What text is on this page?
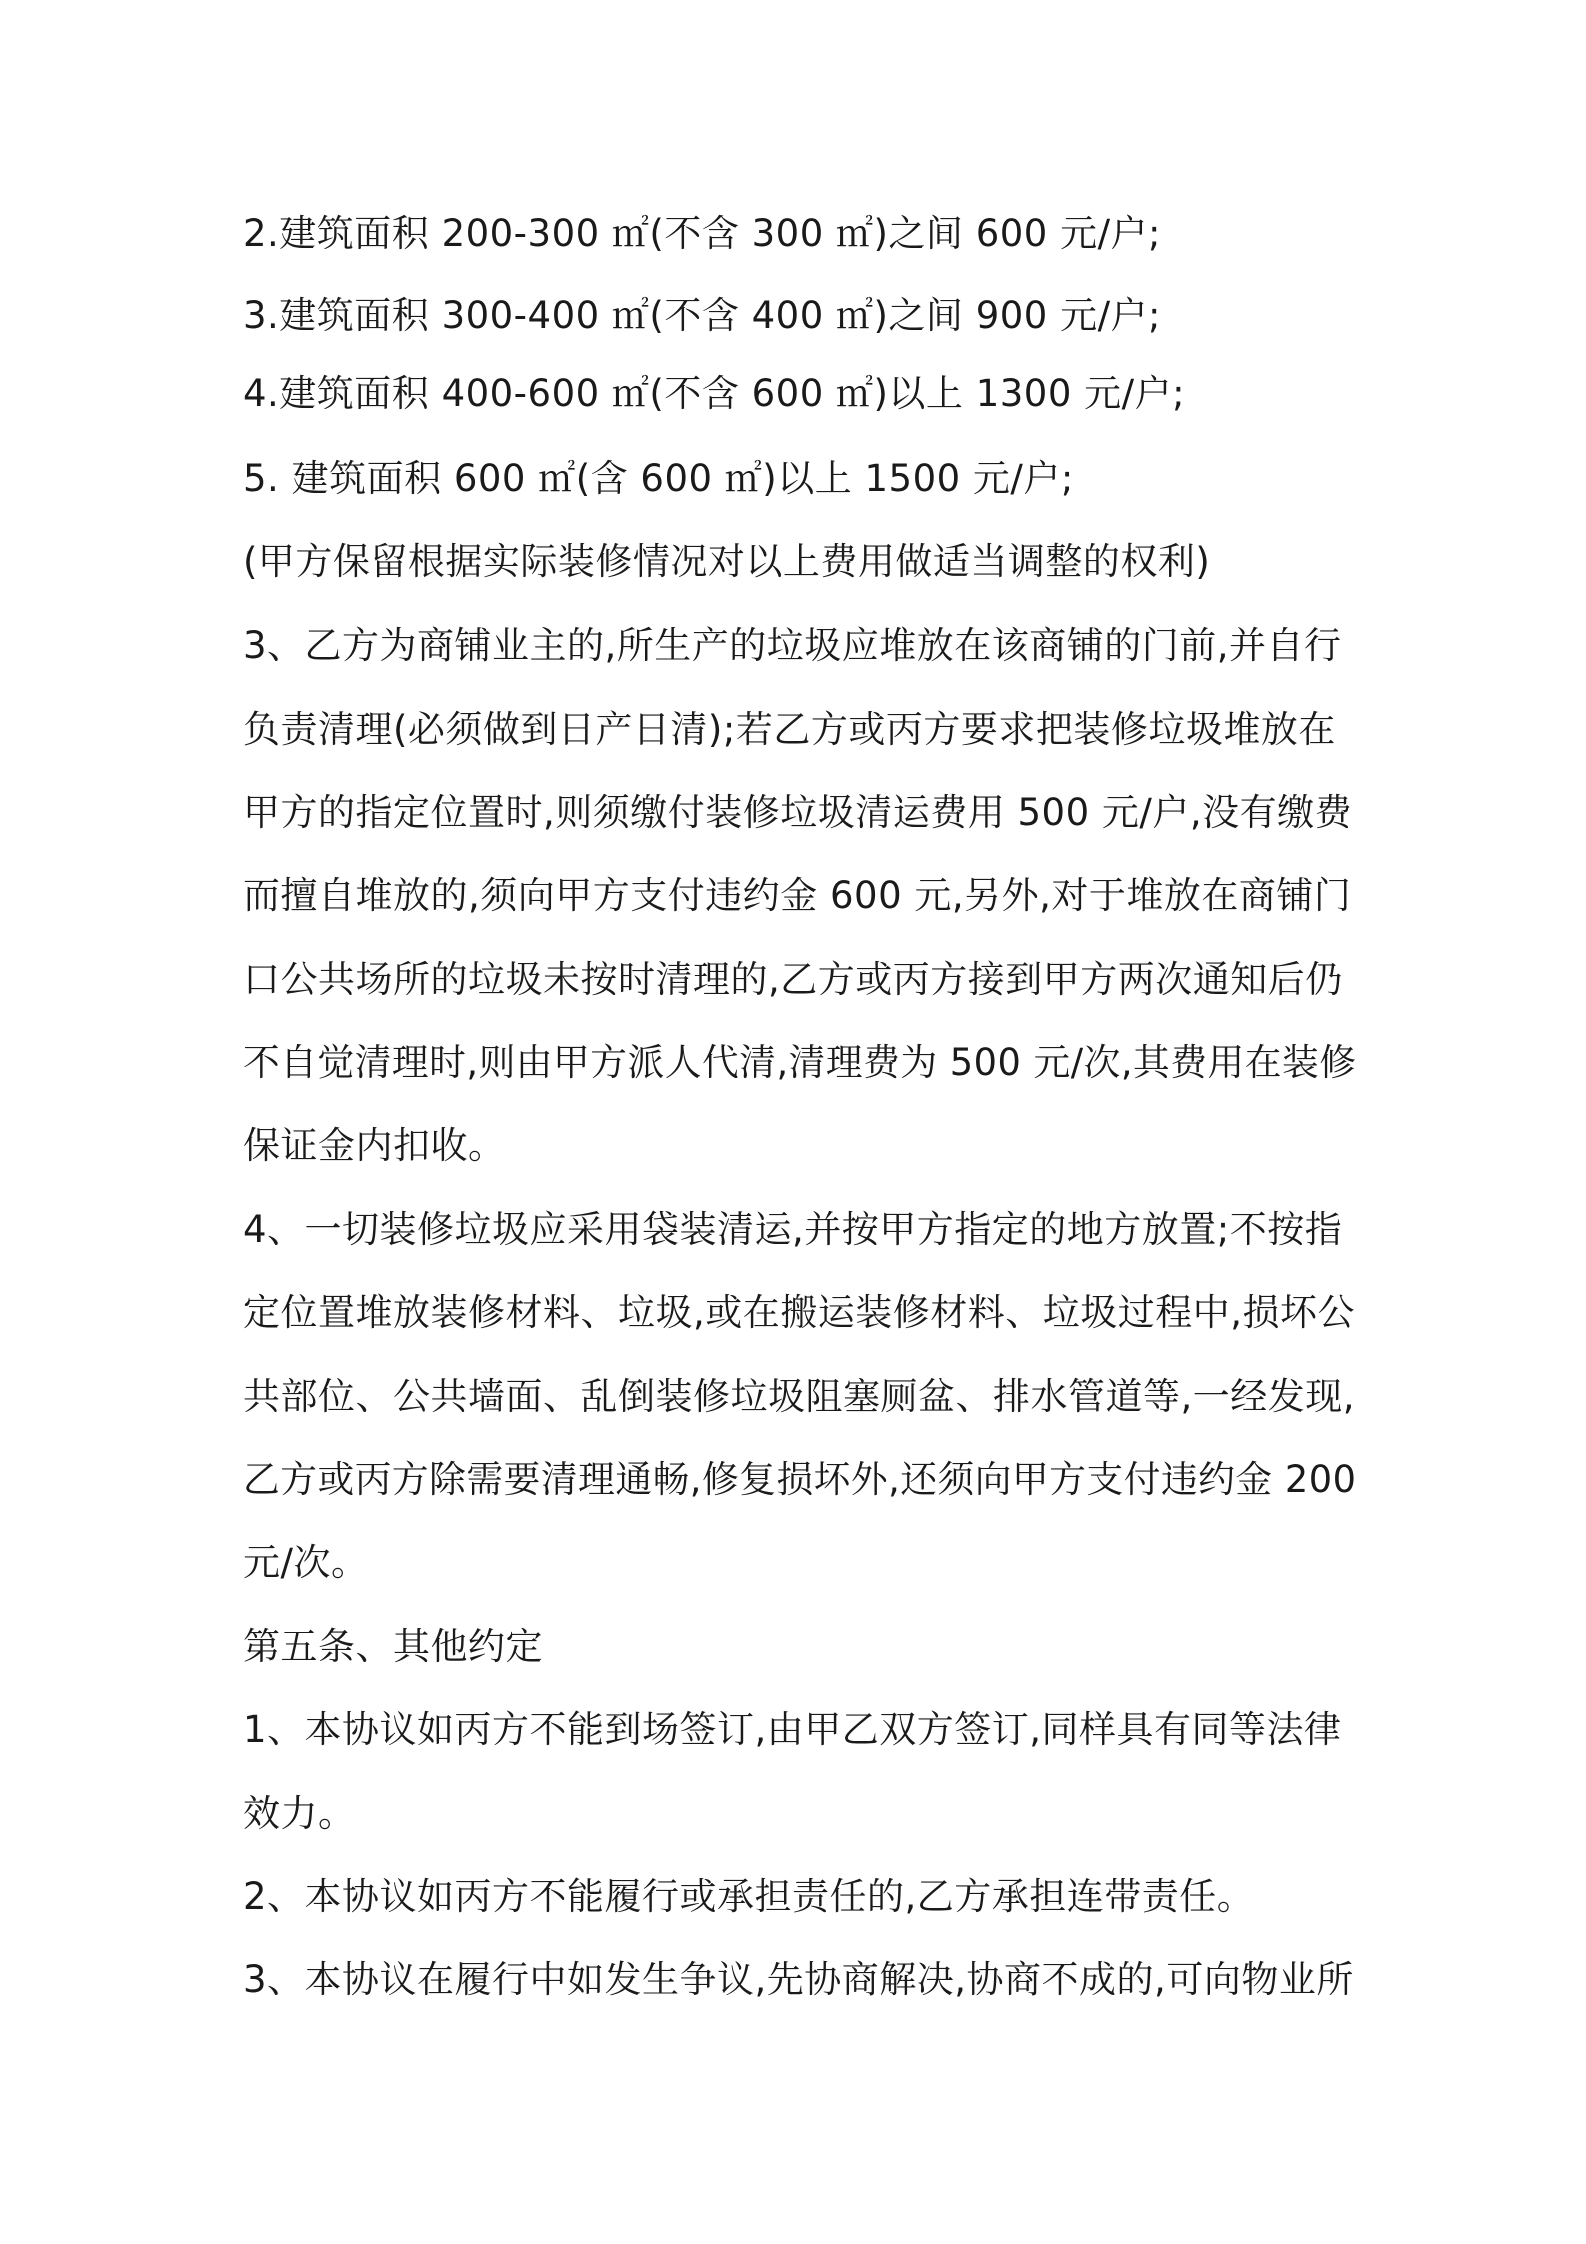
2.建筑面积 200-300 ㎡(不含 300 ㎡)之间 600 元/户;
3.建筑面积 300-400 ㎡(不含 400 ㎡)之间 900 元/户;
4.建筑面积 400-600 ㎡(不含 600 ㎡)以上 1300 元/户;
5. 建筑面积 600 ㎡(含 600 ㎡)以上 1500 元/户;
(甲方保留根据实际装修情况对以上费用做适当调整的权利)
3、乙方为商铺业主的,所生产的垃圾应堆放在该商铺的门前,并自行
负责清理(必须做到日产日清);若乙方或丙方要求把装修垃圾堆放在
甲方的指定位置时,则须缴付装修垃圾清运费用 500 元/户,没有缴费
而擅自堆放的,须向甲方支付违约金 600 元,另外,对于堆放在商铺门
口公共场所的垃圾未按时清理的,乙方或丙方接到甲方两次通知后仍
不自觉清理时,则由甲方派人代清,清理费为 500 元/次,其费用在装修
保证金内扣收。
4、一切装修垃圾应采用袋装清运,并按甲方指定的地方放置;不按指
定位置堆放装修材料、垃圾,或在搬运装修材料、垃圾过程中,损坏公
共部位、公共墙面、乱倒装修垃圾阻塞厕盆、排水管道等,一经发现,
乙方或丙方除需要清理通畅,修复损坏外,还须向甲方支付违约金 200
元/次。
第五条、其他约定
1、本协议如丙方不能到场签订,由甲乙双方签订,同样具有同等法律
效力。
2、本协议如丙方不能履行或承担责任的,乙方承担连带责任。
3、本协议在履行中如发生争议,先协商解决,协商不成的,可向物业所
